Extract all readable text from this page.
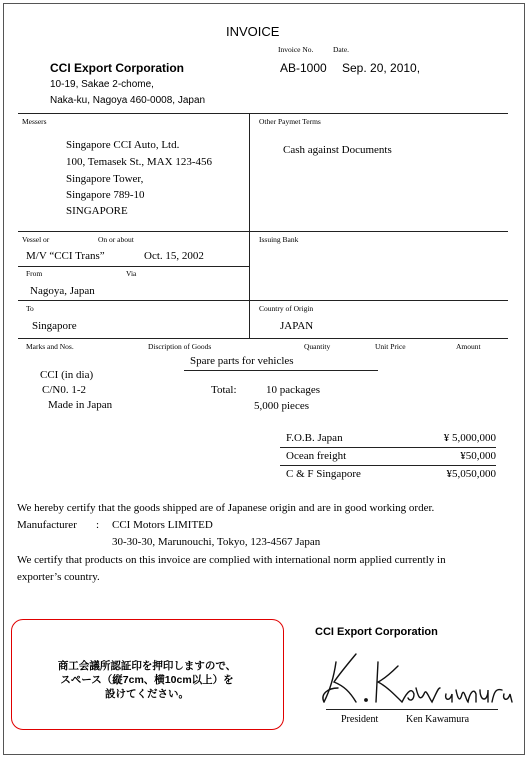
INVOICE
Invoice No.	Date.
CCI Export Corporation	AB-1000 Sep. 20, 2010,
10-19, Sakae 2-chome,
Naka-ku, Nagoya 460-0008, Japan
Messers
Singapore CCI Auto, Ltd.
100, Temasek St., MAX 123-456
Singapore Tower,
Singapore 789-10
SINGAPORE
Other Paymet Terms
Cash against Documents
Vessel or	On or about
M/V “CCI Trans”	Oct. 15, 2002
Issuing Bank
From	Via
Nagoya, Japan
To
Singapore
Country of Origin
JAPAN
Marks and Nos.	Discription of Goods	Quantity	Unit Price	Amount
Spare parts for vehicles
CCI (in dia)
C/N0. 1-2
Made in Japan
Total:	10 packages
5,000 pieces
F.O.B. Japan	¥ 5,000,000
Ocean freight	¥50,000
C & F Singapore	¥5,050,000
We hereby certify that the goods shipped are of Japanese origin and are in good working order.
Manufacturer : CCI Motors LIMITED
30-30-30, Marunouchi, Tokyo, 123-4567 Japan
We certify that products on this invoice are complied with international norm applied currently in
exporter’s country.
商工会議所認証印を押印しますので、
スペース（縦7cm、横10cm以上）を
設けてください。
CCI Export Corporation
President	Ken Kawamura
